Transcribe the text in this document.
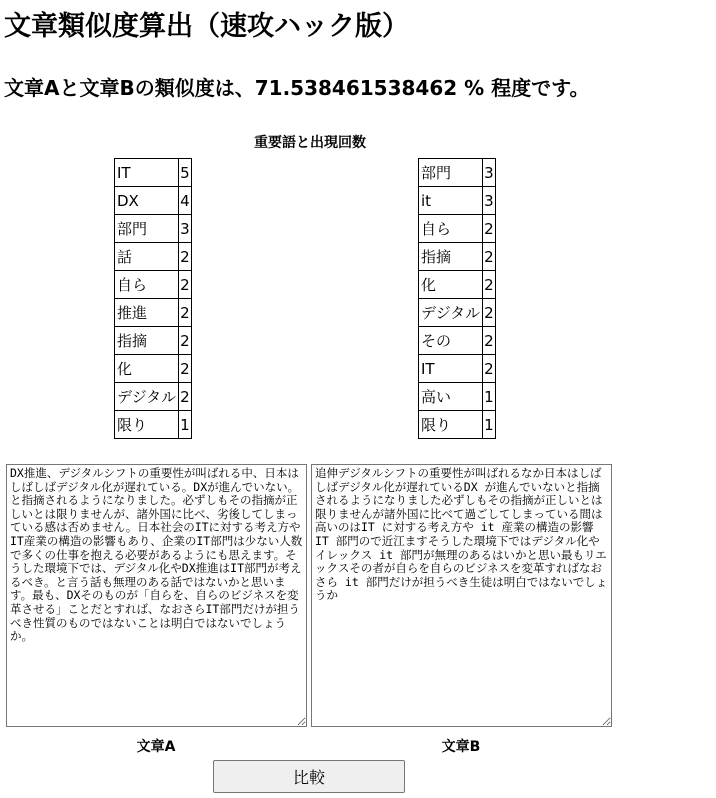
文章類似度算出（速攻ハック版）
文章Aと文章Bの類似度は、71.538461538462 % 程度です。
重要語と出現回数
IT	5
DX	4
部門	3
話	2
自ら	2
推進	2
指摘	2
化	2
デジタル	2
限り	1
部門	3
it	3
自ら	2
指摘	2
化	2
デジタル	2
その	2
IT	2
高い	1
限り	1
DX推進、デジタルシフトの重要性が叫ばれる中、日本はしばしばデジタル化が遅れている。DXが進んでいない。と指摘されるようになりました。必ずしもその指摘が正しいとは限りませんが、諸外国に比べ、劣後してしまっている感は否めません。日本社会のITに対する考え方やIT産業の構造の影響もあり、企業のIT部門は少ない人数で多くの仕事を抱える必要があるようにも思えます。そうした環境下では、デジタル化やDX推進はIT部門が考えるべき。と言う話も無理のある話ではないかと思います。最も、DXそのものが「自らを、自らのビジネスを変革させる」ことだとすれば、なおさらIT部門だけが担うべき性質のものではないことは明白ではないでしょうか。
追伸デジタルシフトの重要性が叫ばれるなか日本はしばしばデジタル化が遅れているDX が進んでいないと指摘されるようになりました必ずしもその指摘が正しいとは限りませんが諸外国に比べて過ごしてしまっている間は高いのはIT に対する考え方や it 産業の構造の影響 IT 部門ので近江ますそうした環境下ではデジタル化やイレックス it 部門が無理のあるはいかと思い最もリエックスその者が自らを自らのビジネスを変革すればなおさら it 部門だけが担うべき生徒は明白ではないでしょうか
文章A	文章B
比較
